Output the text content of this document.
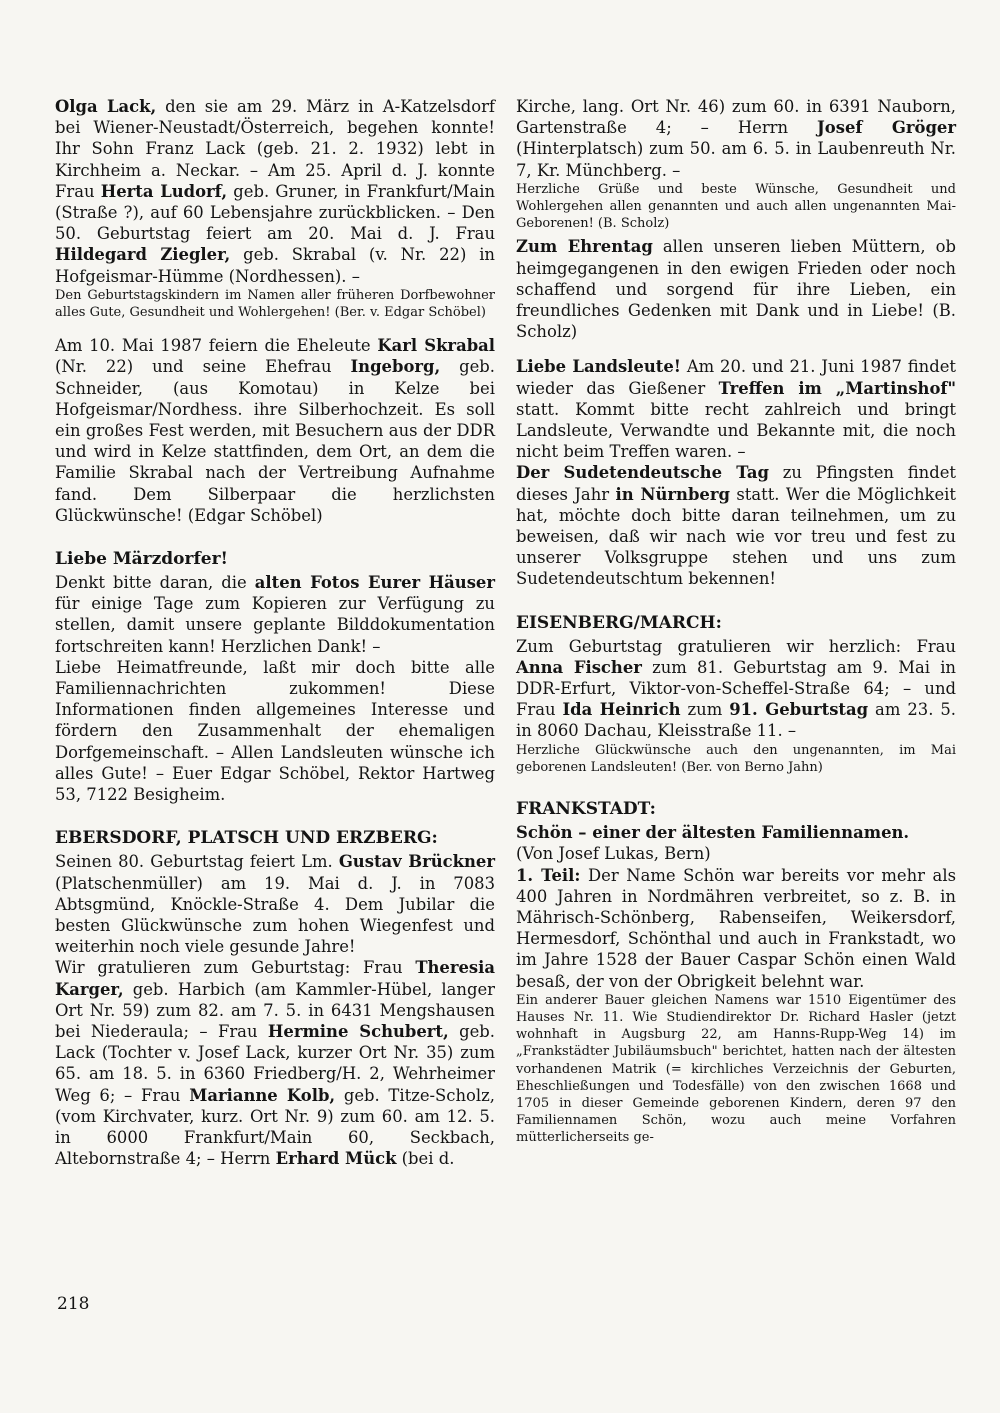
Olga Lack, den sie am 29. März in A-Katzelsdorf bei Wiener-Neustadt/Österreich, begehen konnte! Ihr Sohn Franz Lack (geb. 21. 2. 1932) lebt in Kirchheim a. Neckar. – Am 25. April d. J. konnte Frau Herta Ludorf, geb. Gruner, in Frankfurt/Main (Straße ?), auf 60 Lebensjahre zurückblicken. – Den 50. Geburtstag feiert am 20. Mai d. J. Frau Hildegard Ziegler, geb. Skrabal (v. Nr. 22) in Hofgeismar-Hümme (Nordhessen). –

Den Geburtstagskindern im Namen aller früheren Dorfbewohner alles Gute, Gesundheit und Wohlergehen! (Ber. v. Edgar Schöbel)

Am 10. Mai 1987 feiern die Eheleute Karl Skrabal (Nr. 22) und seine Ehefrau Ingeborg, geb. Schneider, (aus Komotau) in Kelze bei Hofgeismar/Nordhess. ihre Silberhochzeit. Es soll ein großes Fest werden, mit Besuchern aus der DDR und wird in Kelze stattfinden, dem Ort, an dem die Familie Skrabal nach der Vertreibung Aufnahme fand. Dem Silberpaar die herzlichsten Glückwünsche! (Edgar Schöbel)

Liebe Märzdorfer!

Denkt bitte daran, die alten Fotos Eurer Häuser für einige Tage zum Kopieren zur Verfügung zu stellen, damit unsere geplante Bilddokumentation fortschreiten kann! Herzlichen Dank! –

Liebe Heimatfreunde, laßt mir doch bitte alle Familiennachrichten zukommen! Diese Informationen finden allgemeines Interesse und fördern den Zusammenhalt der ehemaligen Dorfgemeinschaft. – Allen Landsleuten wünsche ich alles Gute! – Euer Edgar Schöbel, Rektor Hartweg 53, 7122 Besigheim.

EBERSDORF, PLATSCH UND ERZBERG:

Seinen 80. Geburtstag feiert Lm. Gustav Brückner (Platschenmüller) am 19. Mai d. J. in 7083 Abtsgmünd, Knöckle-Straße 4. Dem Jubilar die besten Glückwünsche zum hohen Wiegenfest und weiterhin noch viele gesunde Jahre!

Wir gratulieren zum Geburtstag: Frau Theresia Karger, geb. Harbich (am Kammler-Hübel, langer Ort Nr. 59) zum 82. am 7. 5. in 6431 Mengshausen bei Niederaula; – Frau Hermine Schubert, geb. Lack (Tochter v. Josef Lack, kurzer Ort Nr. 35) zum 65. am 18. 5. in 6360 Friedberg/H. 2, Wehrheimer Weg 6; – Frau Marianne Kolb, geb. Titze-Scholz, (vom Kirchvater, kurz. Ort Nr. 9) zum 60. am 12. 5. in 6000 Frankfurt/Main 60, Seckbach, Altebornstraße 4; – Herrn Erhard Mück (bei d.

Kirche, lang. Ort Nr. 46) zum 60. in 6391 Nauborn, Gartenstraße 4; – Herrn Josef Gröger (Hinterplatsch) zum 50. am 6. 5. in Laubenreuth Nr. 7, Kr. Münchberg. –

Herzliche Grüße und beste Wünsche, Gesundheit und Wohlergehen allen genannten und auch allen ungenannten Mai-Geborenen! (B. Scholz)

Zum Ehrentag allen unseren lieben Müttern, ob heimgegangenen in den ewigen Frieden oder noch schaffend und sorgend für ihre Lieben, ein freundliches Gedenken mit Dank und in Liebe! (B. Scholz)

Liebe Landsleute! Am 20. und 21. Juni 1987 findet wieder das Gießener Treffen im „Martinshof" statt. Kommt bitte recht zahlreich und bringt Landsleute, Verwandte und Bekannte mit, die noch nicht beim Treffen waren. –

Der Sudetendeutsche Tag zu Pfingsten findet dieses Jahr in Nürnberg statt. Wer die Möglichkeit hat, möchte doch bitte daran teilnehmen, um zu beweisen, daß wir nach wie vor treu und fest zu unserer Volksgruppe stehen und uns zum Sudetendeutschtum bekennen!

EISENBERG/MARCH:

Zum Geburtstag gratulieren wir herzlich: Frau Anna Fischer zum 81. Geburtstag am 9. Mai in DDR-Erfurt, Viktor-von-Scheffel-Straße 64; – und Frau Ida Heinrich zum 91. Geburtstag am 23. 5. in 8060 Dachau, Kleisstraße 11. –

Herzliche Glückwünsche auch den ungenannten, im Mai geborenen Landsleuten! (Ber. von Berno Jahn)

FRANKSTADT:

Schön – einer der ältesten Familiennamen.

(Von Josef Lukas, Bern)

1. Teil: Der Name Schön war bereits vor mehr als 400 Jahren in Nordmähren verbreitet, so z. B. in Mährisch-Schönberg, Rabenseifen, Weikersdorf, Hermesdorf, Schönthal und auch in Frankstadt, wo im Jahre 1528 der Bauer Caspar Schön einen Wald besaß, der von der Obrigkeit belehnt war.

Ein anderer Bauer gleichen Namens war 1510 Eigentümer des Hauses Nr. 11. Wie Studiendirektor Dr. Richard Hasler (jetzt wohnhaft in Augsburg 22, am Hanns-Rupp-Weg 14) im „Frankstädter Jubiläumsbuch" berichtet, hatten nach der ältesten vorhandenen Matrik (= kirchliches Verzeichnis der Geburten, Eheschließungen und Todesfälle) von den zwischen 1668 und 1705 in dieser Gemeinde geborenen Kindern, deren 97 den Familiennamen Schön, wozu auch meine Vorfahren mütterlicherseits ge-

218
